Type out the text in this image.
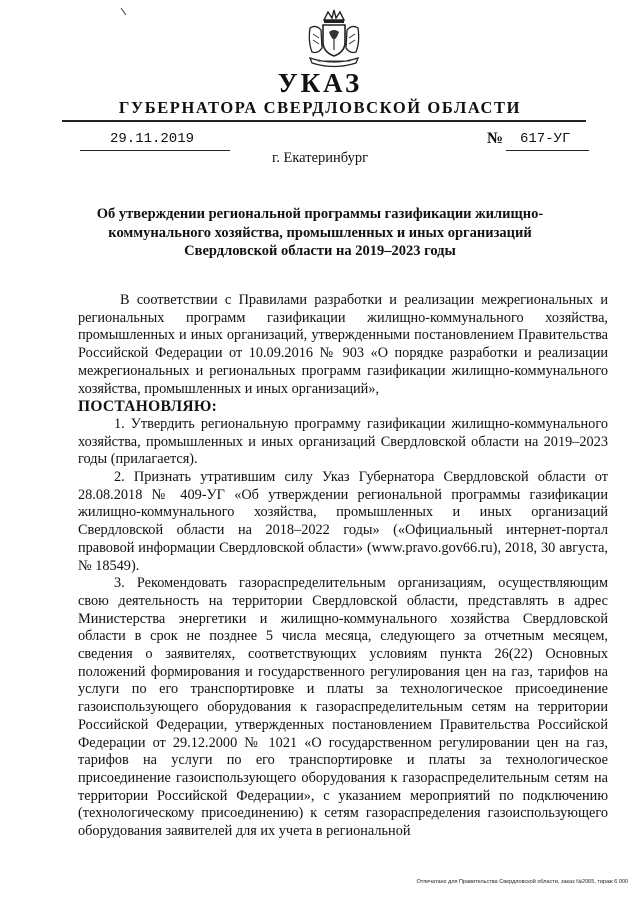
УКАЗ
ГУБЕРНАТОРА СВЕРДЛОВСКОЙ ОБЛАСТИ
29.11.2019	№	617-УГ

г. Екатеринбург

Об утверждении региональной программы газификации жилищно-коммунального хозяйства, промышленных и иных организаций Свердловской области на 2019–2023 годы

В соответствии с Правилами разработки и реализации межрегиональных и региональных программ газификации жилищно-коммунального хозяйства, промышленных и иных организаций, утвержденными постановлением Правительства Российской Федерации от 10.09.2016 № 903 «О порядке разработки и реализации межрегиональных и региональных программ газификации жилищно-коммунального хозяйства, промышленных и иных организаций»,

ПОСТАНОВЛЯЮ:

1. Утвердить региональную программу газификации жилищно-коммунального хозяйства, промышленных и иных организаций Свердловской области на 2019–2023 годы (прилагается).

2. Признать утратившим силу Указ Губернатора Свердловской области от 28.08.2018 № 409-УГ «Об утверждении региональной программы газификации жилищно-коммунального хозяйства, промышленных и иных организаций Свердловской области на 2018–2022 годы» («Официальный интернет-портал правовой информации Свердловской области» (www.pravo.gov66.ru), 2018, 30 августа, № 18549).

3. Рекомендовать газораспределительным организациям, осуществляющим свою деятельность на территории Свердловской области, представлять в адрес Министерства энергетики и жилищно-коммунального хозяйства Свердловской области в срок не позднее 5 числа месяца, следующего за отчетным месяцем, сведения о заявителях, соответствующих условиям пункта 26(22) Основных положений формирования и государственного регулирования цен на газ, тарифов на услуги по его транспортировке и платы за технологическое присоединение газоиспользующего оборудования к газораспределительным сетям на территории Российской Федерации, утвержденных постановлением Правительства Российской Федерации от 29.12.2000 № 1021 «О государственном регулировании цен на газ, тарифов на услуги по его транспортировке и платы за технологическое присоединение газоиспользующего оборудования к газораспределительным сетям на территории Российской Федерации», с указанием мероприятий по подключению (технологическому присоединению) к сетям газораспределения газоиспользующего оборудования заявителей для их учета в региональной

Отпечатано для Правительства Свердловской области, заказ №2065, тираж 6 000
